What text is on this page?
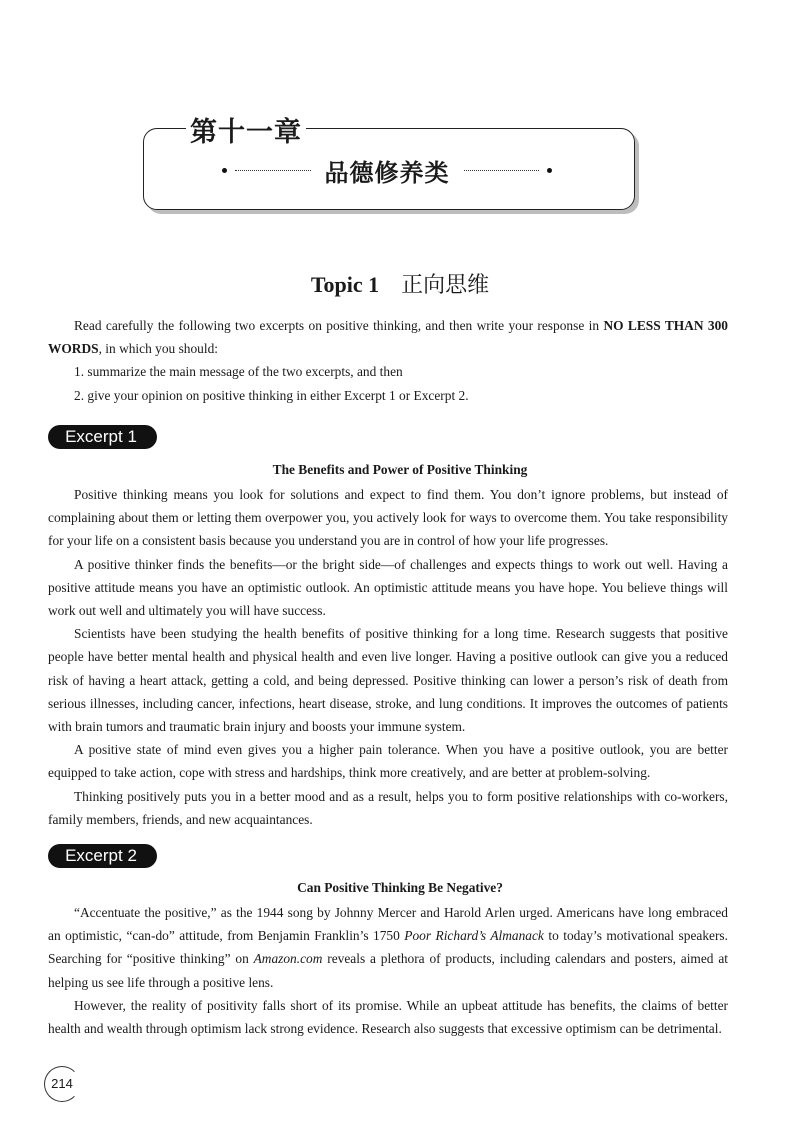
第十一章
品德修养类
Topic 1 正向思维

Read carefully the following two excerpts on positive thinking, and then write your response in NO LESS THAN 300 WORDS, in which you should:

1. summarize the main message of the two excerpts, and then

2. give your opinion on positive thinking in either Excerpt 1 or Excerpt 2.

Excerpt 1
The Benefits and Power of Positive Thinking

Positive thinking means you look for solutions and expect to find them. You don’t ignore problems, but instead of complaining about them or letting them overpower you, you actively look for ways to overcome them. You take responsibility for your life on a consistent basis because you understand you are in control of how your life progresses.

A positive thinker finds the benefits—or the bright side—of challenges and expects things to work out well. Having a positive attitude means you have an optimistic outlook. An optimistic attitude means you have hope. You believe things will work out well and ultimately you will have success.

Scientists have been studying the health benefits of positive thinking for a long time. Research suggests that positive people have better mental health and physical health and even live longer. Having a positive outlook can give you a reduced risk of having a heart attack, getting a cold, and being depressed. Positive thinking can lower a person’s risk of death from serious illnesses, including cancer, infections, heart disease, stroke, and lung conditions. It improves the outcomes of patients with brain tumors and traumatic brain injury and boosts your immune system.

A positive state of mind even gives you a higher pain tolerance. When you have a positive outlook, you are better equipped to take action, cope with stress and hardships, think more creatively, and are better at problem-solving.

Thinking positively puts you in a better mood and as a result, helps you to form positive relationships with co-workers, family members, friends, and new acquaintances.

Excerpt 2
Can Positive Thinking Be Negative?

“Accentuate the positive,” as the 1944 song by Johnny Mercer and Harold Arlen urged. Americans have long embraced an optimistic, “can-do” attitude, from Benjamin Franklin’s 1750 Poor Richard’s Almanack to today’s motivational speakers. Searching for “positive thinking” on Amazon.com reveals a plethora of products, including calendars and posters, aimed at helping us see life through a positive lens.

However, the reality of positivity falls short of its promise. While an upbeat attitude has benefits, the claims of better health and wealth through optimism lack strong evidence. Research also suggests that excessive optimism can be detrimental.

214
